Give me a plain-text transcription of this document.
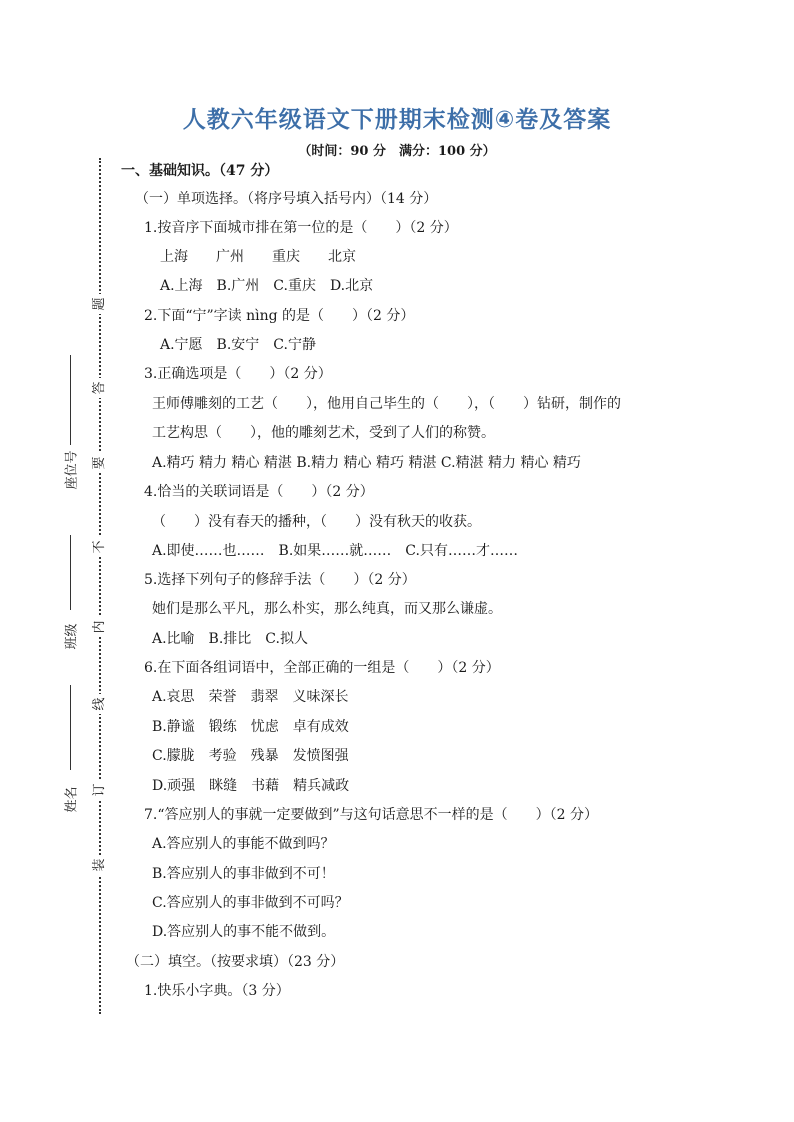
人教六年级语文下册期末检测④卷及答案
（时间：90 分　满分：100 分）
题
答
要
不
内
线
订
装
座位号
班级
姓名
一、基础知识。（47 分）
（一）单项选择。（将序号填入括号内）（14 分）
1.按音序下面城市排在第一位的是（　　）（2 分）
上海　　广州　　重庆　　北京
A.上海　B.广州　C.重庆　D.北京
2.下面“宁”字读 nìng 的是（　　）（2 分）
A.宁愿　B.安宁　C.宁静
3.正确选项是（　　）（2 分）
王师傅雕刻的工艺（　　），他用自己毕生的（　　），（　　）钻研，制作的
工艺构思（　　），他的雕刻艺术，受到了人们的称赞。
A.精巧 精力 精心 精湛 B.精力 精心 精巧 精湛 C.精湛 精力 精心 精巧
4.恰当的关联词语是（　　）（2 分）
（　　）没有春天的播种，（　　）没有秋天的收获。
A.即使……也……　B.如果……就……　C.只有……才……
5.选择下列句子的修辞手法（　　）（2 分）
她们是那么平凡，那么朴实，那么纯真，而又那么谦虚。
A.比喻　B.排比　C.拟人
6.在下面各组词语中，全部正确的一组是（　　）（2 分）
A.哀思　荣誉　翡翠　义味深长
B.静谧　锻练　忧虑　卓有成效
C.朦胧　考验　残暴　发愤图强
D.顽强　眯缝　书藉　精兵减政
7.“答应别人的事就一定要做到”与这句话意思不一样的是（　　）（2 分）
A.答应别人的事能不做到吗？
B.答应别人的事非做到不可！
C.答应别人的事非做到不可吗？
D.答应别人的事不能不做到。
（二）填空。（按要求填）（23 分）
1.快乐小字典。（3 分）
